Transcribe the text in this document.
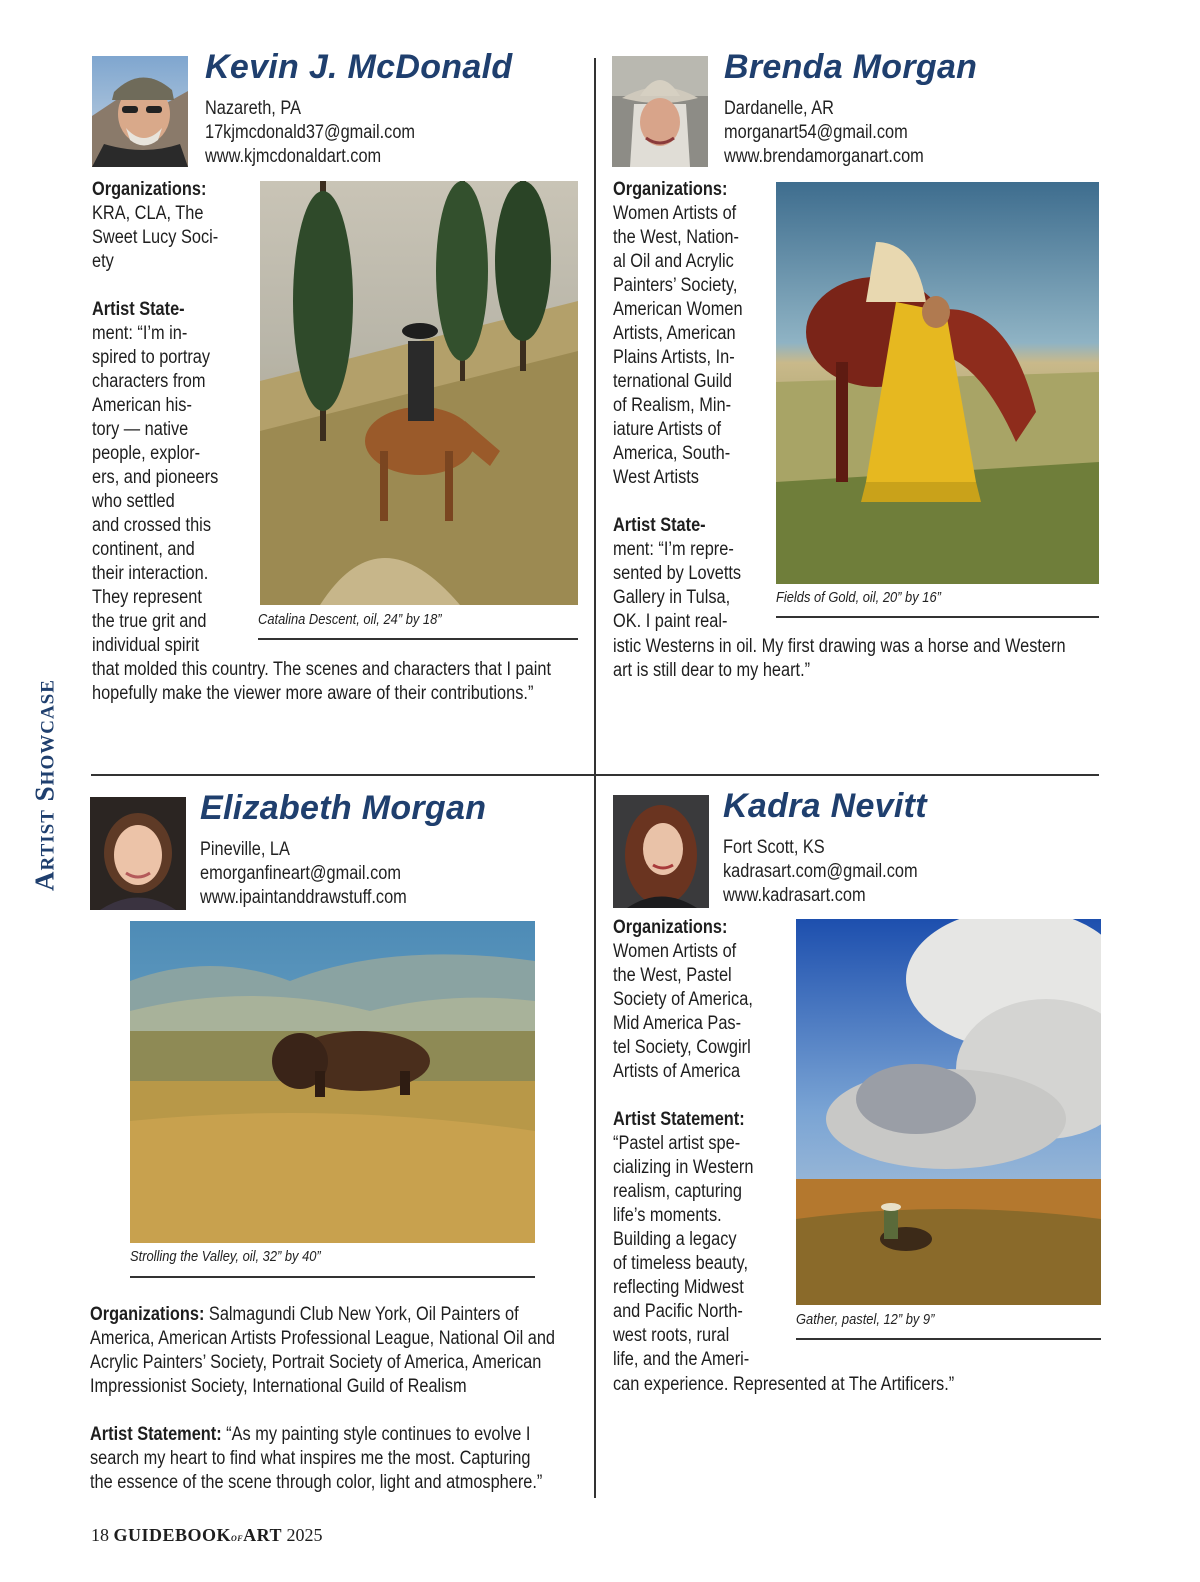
Artist Showcase
Kevin J. McDonald
Nazareth, PA
17kjmcdonald37@gmail.com
www.kjmcdonaldart.com
Organizations:
KRA, CLA, The
Sweet Lucy Soci-
ety

Artist State-
ment: “I’m in-
spired to portray
characters from
American his-
tory — native
people, explor-
ers, and pioneers
who settled
and crossed this
continent, and
their interaction.
They represent
the true grit and
individual spirit
Catalina Descent, oil, 24” by 18”
that molded this country. The scenes and characters that I paint
hopefully make the viewer more aware of their contributions.”
Brenda Morgan
Dardanelle, AR
morganart54@gmail.com
www.brendamorganart.com
Organizations:
Women Artists of
the West, Nation-
al Oil and Acrylic
Painters’ Society,
American Women
Artists, American
Plains Artists, In-
ternational Guild
of Realism, Min-
iature Artists of
America, South-
West Artists

Artist State-
ment: “I’m repre-
sented by Lovetts
Gallery in Tulsa,
OK. I paint real-
Fields of Gold, oil, 20” by 16”
istic Westerns in oil. My first drawing was a horse and Western
art is still dear to my heart.”
Elizabeth Morgan
Pineville, LA
emorganfineart@gmail.com
www.ipaintanddrawstuff.com
Strolling the Valley, oil, 32” by 40”
Organizations: Salmagundi Club New York, Oil Painters of
America, American Artists Professional League, National Oil and
Acrylic Painters’ Society, Portrait Society of America, American
Impressionist Society, International Guild of Realism
Artist Statement: “As my painting style continues to evolve I
search my heart to find what inspires me the most. Capturing
the essence of the scene through color, light and atmosphere.”
Kadra Nevitt
Fort Scott, KS
kadrasart.com@gmail.com
www.kadrasart.com
Organizations:
Women Artists of
the West, Pastel
Society of America,
Mid America Pas-
tel Society, Cowgirl
Artists of America

Artist Statement:
“Pastel artist spe-
cializing in Western
realism, capturing
life’s moments.
Building a legacy
of timeless beauty,
reflecting Midwest
and Pacific North-
west roots, rural
life, and the Ameri-
Gather, pastel, 12” by 9”
can experience. Represented at The Artificers.”
18 GUIDEBOOKofART 2025
